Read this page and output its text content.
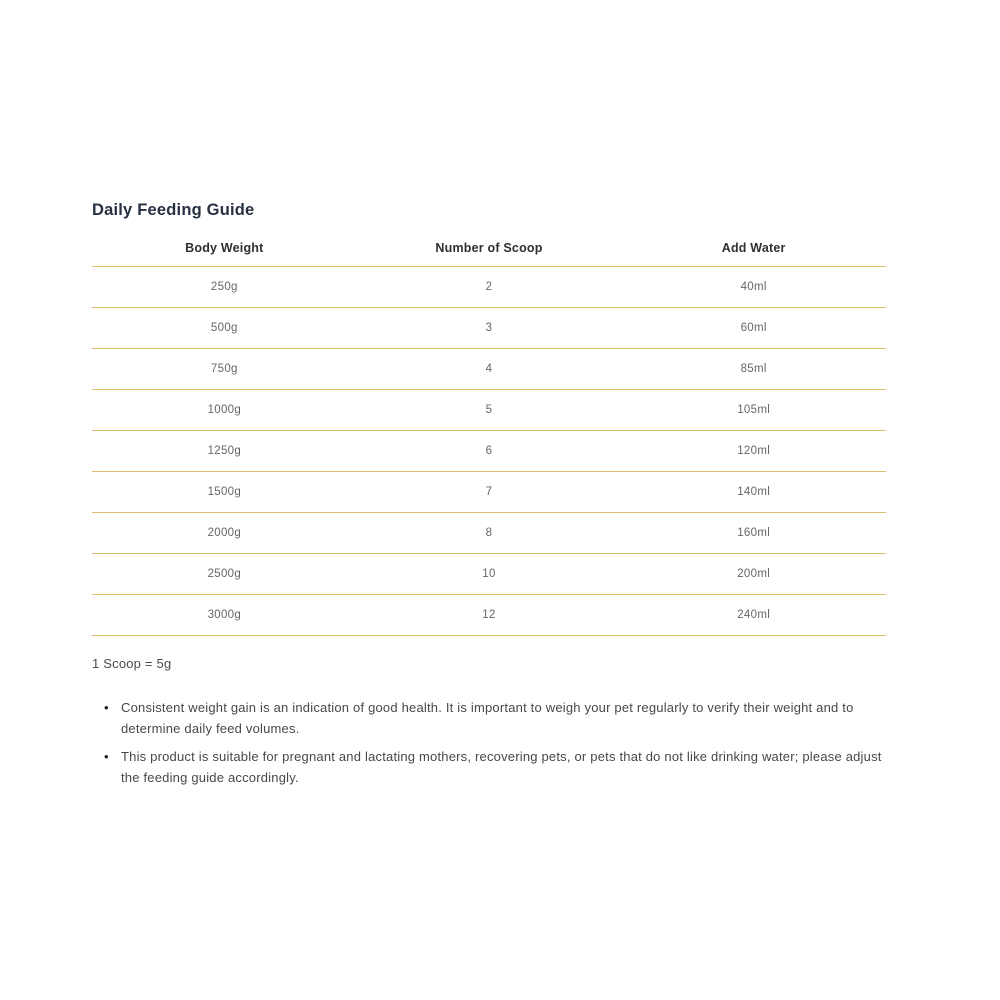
Daily Feeding Guide
Body Weight	Number of Scoop	Add Water
250g	2	40ml
500g	3	60ml
750g	4	85ml
1000g	5	105ml
1250g	6	120ml
1500g	7	140ml
2000g	8	160ml
2500g	10	200ml
3000g	12	240ml

1 Scoop = 5g

• Consistent weight gain is an indication of good health. It is important to weigh your pet regularly to verify their weight and to determine daily feed volumes.
• This product is suitable for pregnant and lactating mothers, recovering pets, or pets that do not like drinking water; please adjust the feeding guide accordingly.
